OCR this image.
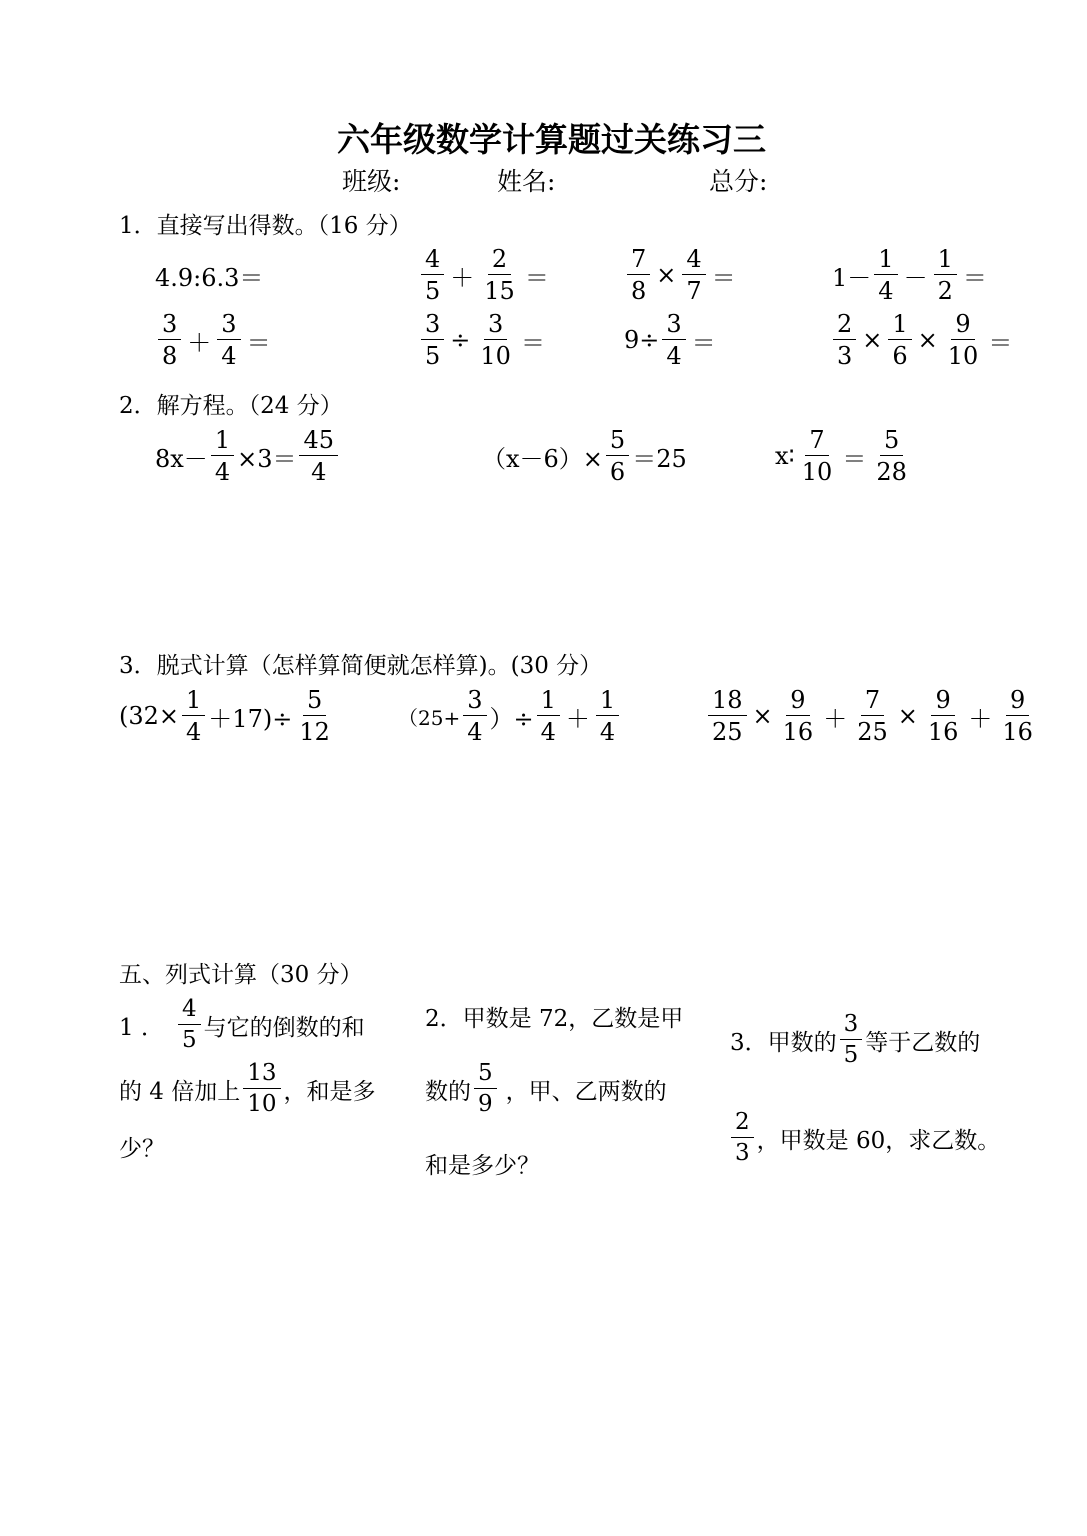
六年级数学计算题过关练习三
班级:	姓名:	总分:
1．直接写出得数。（16 分）
4.9:6.3＝	$\frac{4}{5} + \frac{2}{15}$ ＝	$\frac{7}{8} \times \frac{4}{7}$ ＝	$1- \frac{1}{4} - \frac{1}{2}$ ＝
$\frac{3}{8} + \frac{3}{4}$ ＝	$\frac{3}{5} \div \frac{3}{10}$ ＝	$9\div \frac{3}{4}$ ＝	$\frac{2}{3} \times \frac{1}{6} \times \frac{9}{10}$ ＝
2．解方程。（24 分）
$8x- \frac{1}{4} \times 3= \frac{45}{4}$	$(x-6)\times \frac{5}{6} =25$	x∶ $\frac{7}{10} = \frac{5}{28}$
3．脱式计算（怎样算简便就怎样算)。(30 分）
$(32\times \frac{1}{4} +17)\div \frac{5}{12}$	（$25+ \frac{3}{4}$ ）÷ $\frac{1}{4} + \frac{1}{4}$	$\frac{18}{25} \times \frac{9}{16} + \frac{7}{25} \times \frac{9}{16} + \frac{9}{16}$
五、列式计算（30 分）
1 ． $\frac{4}{5}$ 与它的倒数的和
的 4 倍加上 $\frac{13}{10}$ ，和是多
少？
2．甲数是 72，乙数是甲
数的 $\frac{5}{9}$ ，甲、乙两数的
和是多少？
3．甲数的 $\frac{3}{5}$ 等于乙数的
$\frac{2}{3}$ ，甲数是 60，求乙数。
